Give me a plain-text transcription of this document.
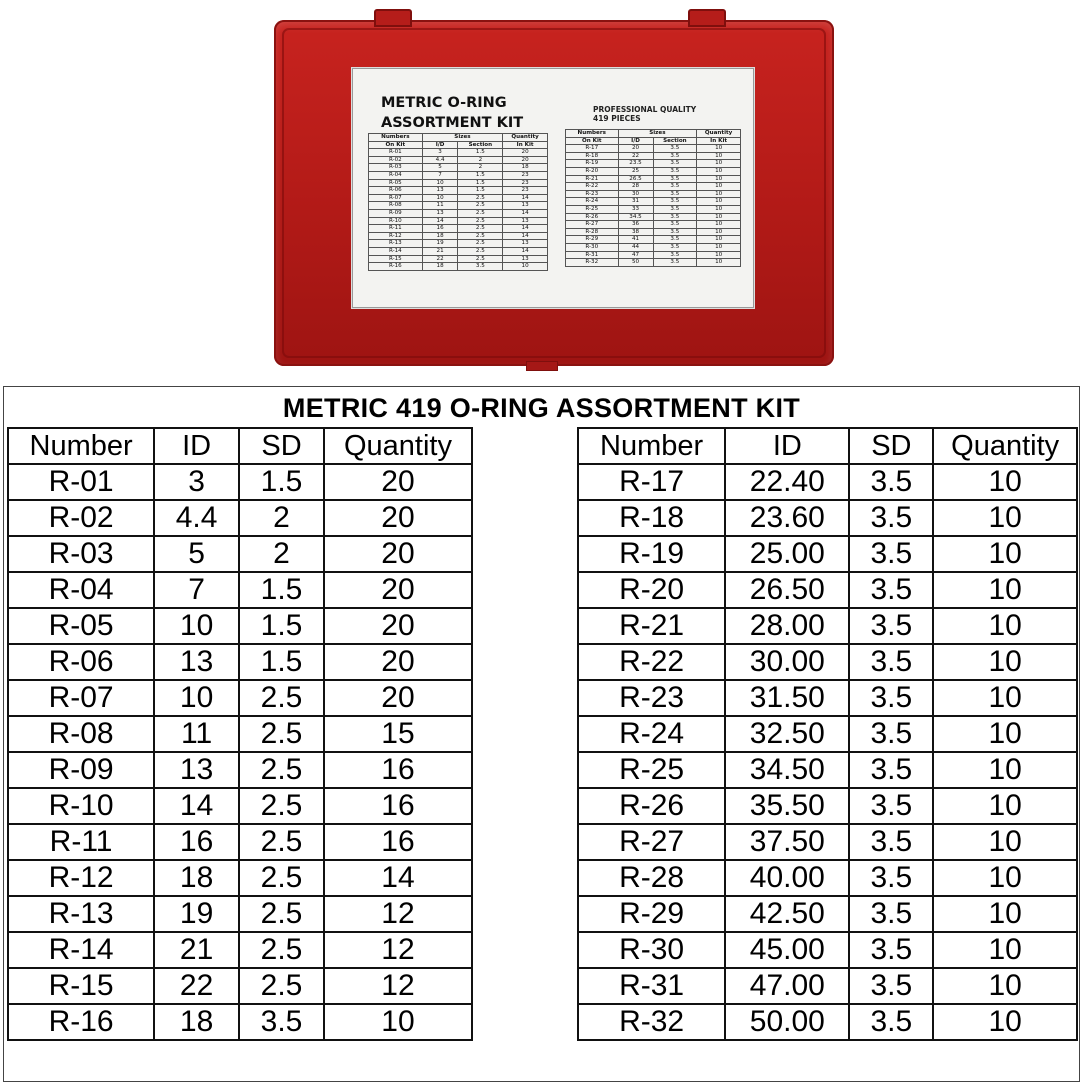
METRIC O-RING
ASSORTMENT KIT
PROFESSIONAL QUALITY
419 PIECES
Numbers	Sizes		Quantity
On Kit	I/D	Section	In Kit
R-01	3	1.5	20
R-02	4.4	2	20
R-03	5	2	18
R-04	7	1.5	23
R-05	10	1.5	23
R-06	13	1.5	23
R-07	10	2.5	14
R-08	11	2.5	13
R-09	13	2.5	14
R-10	14	2.5	13
R-11	16	2.5	14
R-12	18	2.5	14
R-13	19	2.5	13
R-14	21	2.5	14
R-15	22	2.5	13
R-16	18	3.5	10
Numbers	Sizes		Quantity
On Kit	I/D	Section	In Kit
R-17	20	3.5	10
R-18	22	3.5	10
R-19	23.5	3.5	10
R-20	25	3.5	10
R-21	26.5	3.5	10
R-22	28	3.5	10
R-23	30	3.5	10
R-24	31	3.5	10
R-25	33	3.5	10
R-26	34.5	3.5	10
R-27	36	3.5	10
R-28	38	3.5	10
R-29	41	3.5	10
R-30	44	3.5	10
R-31	47	3.5	10
R-32	50	3.5	10
METRIC 419 O-RING ASSORTMENT KIT
Number	ID	SD	Quantity
R-01	3	1.5	20
R-02	4.4	2	20
R-03	5	2	20
R-04	7	1.5	20
R-05	10	1.5	20
R-06	13	1.5	20
R-07	10	2.5	20
R-08	11	2.5	15
R-09	13	2.5	16
R-10	14	2.5	16
R-11	16	2.5	16
R-12	18	2.5	14
R-13	19	2.5	12
R-14	21	2.5	12
R-15	22	2.5	12
R-16	18	3.5	10
Number	ID	SD	Quantity
R-17	22.40	3.5	10
R-18	23.60	3.5	10
R-19	25.00	3.5	10
R-20	26.50	3.5	10
R-21	28.00	3.5	10
R-22	30.00	3.5	10
R-23	31.50	3.5	10
R-24	32.50	3.5	10
R-25	34.50	3.5	10
R-26	35.50	3.5	10
R-27	37.50	3.5	10
R-28	40.00	3.5	10
R-29	42.50	3.5	10
R-30	45.00	3.5	10
R-31	47.00	3.5	10
R-32	50.00	3.5	10
